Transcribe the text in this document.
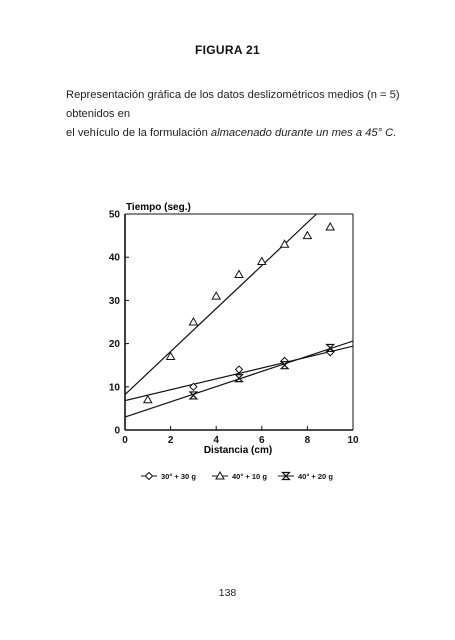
FIGURA 21
Representación gráfica de los datos deslizométricos medios (n = 5) obtenidos en
el vehículo de la formulación almacenado durante un mes a 45° C.
0
10
20
30
40
50
0	2	4	6	8	10
30° + 30 g	40° + 10 g	40° + 20 g
Tiempo (seg.)
Distancia (cm)
138
